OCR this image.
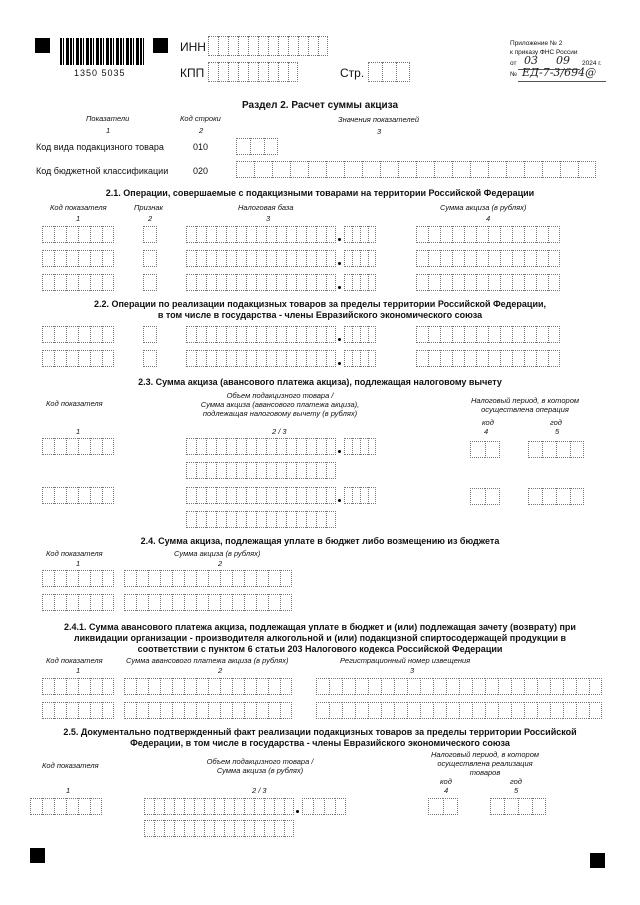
1350 5035
ИНН
КПП	Стр.
Приложение № 2
к приказу ФНС России
от 03 09 2024 г.
№ ЕД-7-3/694@
Раздел 2. Расчет суммы акциза
Показатели	Код строки	Значения показателей
1	2	3
Код вида подакцизного товара	010
Код бюджетной классификации	020
2.1. Операции, совершаемые с подакцизными товарами на территории Российской Федерации
Код показателя	Признак	Налоговая база	Сумма акциза (в рублях)
1	2	3	4
2.2. Операции по реализации подакцизных товаров за пределы территории Российской Федерации,
в том числе в государства - члены Евразийского экономического союза
2.3. Сумма акциза (авансового платежа акциза), подлежащая налоговому вычету
Код показателя
Объем подакцизного товара /
Сумма акциза (авансового платежа акциза),
подлежащая налоговому вычету (в рублях)
Налоговый период, в котором
осуществлена операция
код	год
1	2 / 3	4	5
2.4. Сумма акциза, подлежащая уплате в бюджет либо возмещению из бюджета
Код показателя	Сумма акциза (в рублях)
1	2
2.4.1. Сумма авансового платежа акциза, подлежащая уплате в бюджет и (или) подлежащая зачету (возврату) при
ликвидации организации - производителя алкогольной и (или) подакцизной спиртосодержащей продукции в
соответствии с пунктом 6 статьи 203 Налогового кодекса Российской Федерации
Код показателя	Сумма авансового платежа акциза (в рублях)	Регистрационный номер извещения
1	2	3
2.5. Документально подтвержденный факт реализации подакцизных товаров за пределы территории Российской
Федерации, в том числе в государства - члены Евразийского экономического союза
Код показателя	Объем подакцизного товара /
Сумма акциза (в рублях)
Налоговый период, в котором
осуществлена реализация
товаров
код	год
1	2 / 3	4	5
